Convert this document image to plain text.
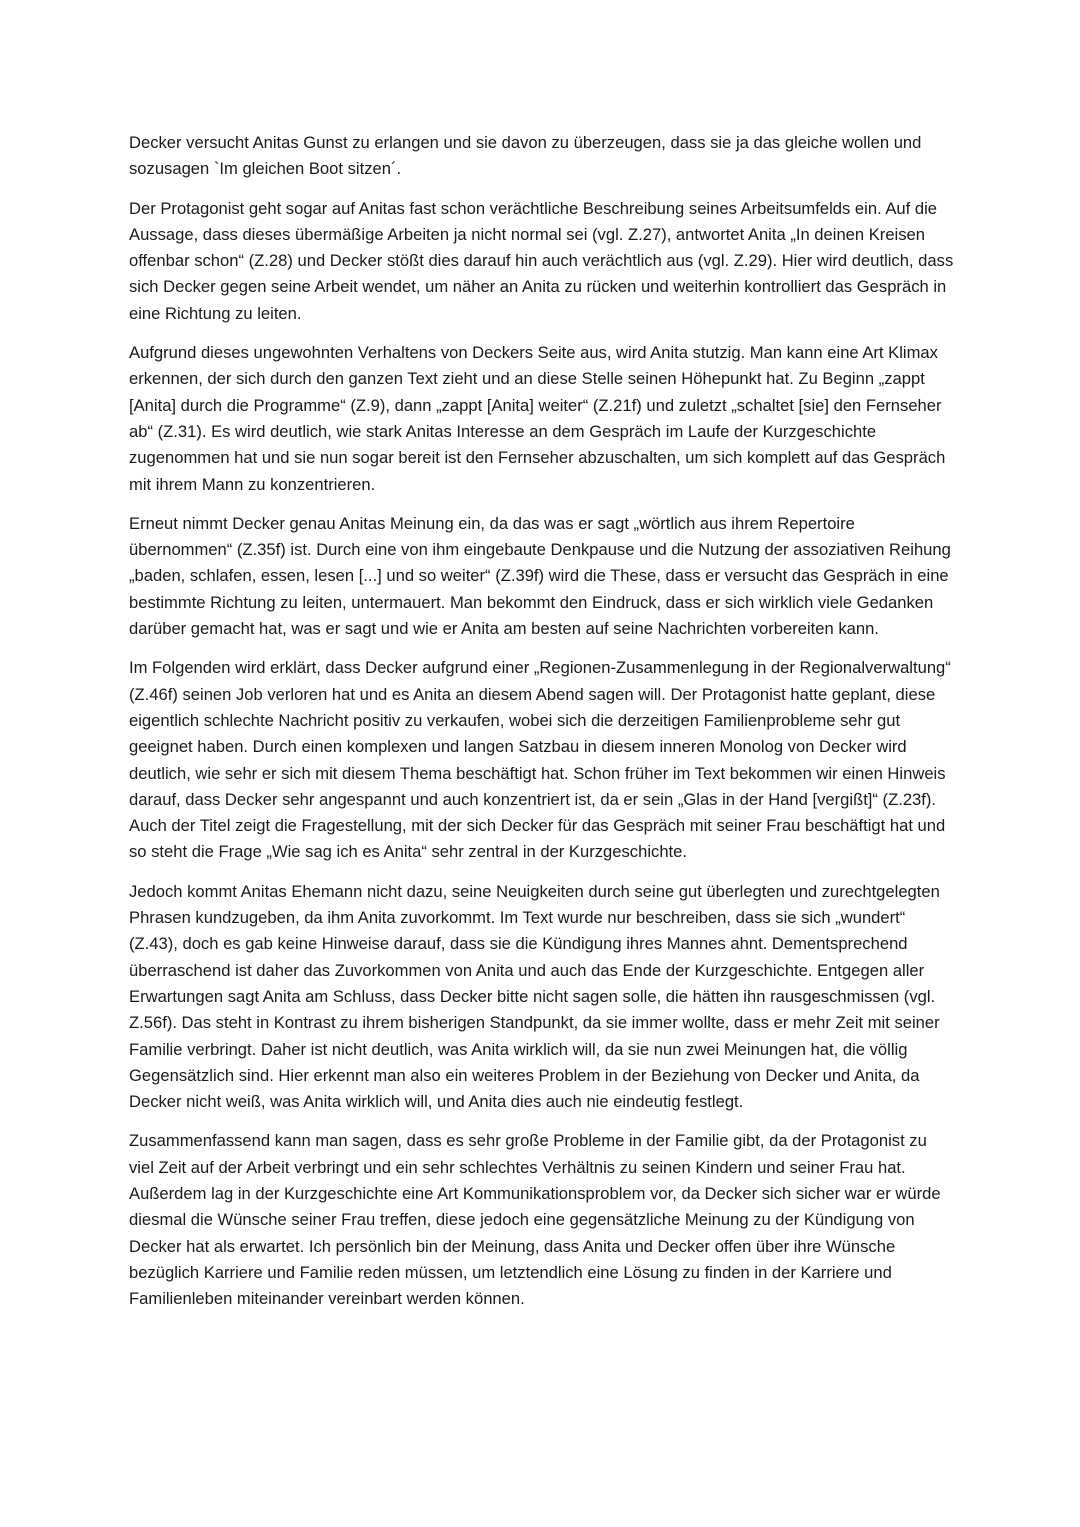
Decker versucht Anitas Gunst zu erlangen und sie davon zu überzeugen, dass sie ja das gleiche wollen und sozusagen `Im gleichen Boot sitzen´.

Der Protagonist geht sogar auf Anitas fast schon verächtliche Beschreibung seines Arbeitsumfelds ein. Auf die Aussage, dass dieses übermäßige Arbeiten ja nicht normal sei (vgl. Z.27), antwortet Anita „In deinen Kreisen offenbar schon“ (Z.28) und Decker stößt dies darauf hin auch verächtlich aus (vgl. Z.29). Hier wird deutlich, dass sich Decker gegen seine Arbeit wendet, um näher an Anita zu rücken und weiterhin kontrolliert das Gespräch in eine Richtung zu leiten.

Aufgrund dieses ungewohnten Verhaltens von Deckers Seite aus, wird Anita stutzig. Man kann eine Art Klimax erkennen, der sich durch den ganzen Text zieht und an diese Stelle seinen Höhepunkt hat. Zu Beginn „zappt [Anita] durch die Programme“ (Z.9), dann „zappt [Anita] weiter“ (Z.21f) und zuletzt „schaltet [sie] den Fernseher ab“ (Z.31). Es wird deutlich, wie stark Anitas Interesse an dem Gespräch im Laufe der Kurzgeschichte zugenommen hat und sie nun sogar bereit ist den Fernseher abzuschalten, um sich komplett auf das Gespräch mit ihrem Mann zu konzentrieren.

Erneut nimmt Decker genau Anitas Meinung ein, da das was er sagt „wörtlich aus ihrem Repertoire übernommen“ (Z.35f) ist. Durch eine von ihm eingebaute Denkpause und die Nutzung der assoziativen Reihung „baden, schlafen, essen, lesen [...] und so weiter“ (Z.39f) wird die These, dass er versucht das Gespräch in eine bestimmte Richtung zu leiten, untermauert. Man bekommt den Eindruck, dass er sich wirklich viele Gedanken darüber gemacht hat, was er sagt und wie er Anita am besten auf seine Nachrichten vorbereiten kann.

Im Folgenden wird erklärt, dass Decker aufgrund einer „Regionen-Zusammenlegung in der Regionalverwaltung“ (Z.46f) seinen Job verloren hat und es Anita an diesem Abend sagen will. Der Protagonist hatte geplant, diese eigentlich schlechte Nachricht positiv zu verkaufen, wobei sich die derzeitigen Familienprobleme sehr gut geeignet haben. Durch einen komplexen und langen Satzbau in diesem inneren Monolog von Decker wird deutlich, wie sehr er sich mit diesem Thema beschäftigt hat. Schon früher im Text bekommen wir einen Hinweis darauf, dass Decker sehr angespannt und auch konzentriert ist, da er sein „Glas in der Hand [vergißt]“ (Z.23f). Auch der Titel zeigt die Fragestellung, mit der sich Decker für das Gespräch mit seiner Frau beschäftigt hat und so steht die Frage „Wie sag ich es Anita“ sehr zentral in der Kurzgeschichte.

Jedoch kommt Anitas Ehemann nicht dazu, seine Neuigkeiten durch seine gut überlegten und zurechtgelegten Phrasen kundzugeben, da ihm Anita zuvorkommt. Im Text wurde nur beschreiben, dass sie sich „wundert“ (Z.43), doch es gab keine Hinweise darauf, dass sie die Kündigung ihres Mannes ahnt. Dementsprechend überraschend ist daher das Zuvorkommen von Anita und auch das Ende der Kurzgeschichte. Entgegen aller Erwartungen sagt Anita am Schluss, dass Decker bitte nicht sagen solle, die hätten ihn rausgeschmissen (vgl. Z.56f). Das steht in Kontrast zu ihrem bisherigen Standpunkt, da sie immer wollte, dass er mehr Zeit mit seiner Familie verbringt. Daher ist nicht deutlich, was Anita wirklich will, da sie nun zwei Meinungen hat, die völlig Gegensätzlich sind. Hier erkennt man also ein weiteres Problem in der Beziehung von Decker und Anita, da Decker nicht weiß, was Anita wirklich will, und Anita dies auch nie eindeutig festlegt.

Zusammenfassend kann man sagen, dass es sehr große Probleme in der Familie gibt, da der Protagonist zu viel Zeit auf der Arbeit verbringt und ein sehr schlechtes Verhältnis zu seinen Kindern und seiner Frau hat. Außerdem lag in der Kurzgeschichte eine Art Kommunikationsproblem vor, da Decker sich sicher war er würde diesmal die Wünsche seiner Frau treffen, diese jedoch eine gegensätzliche Meinung zu der Kündigung von Decker hat als erwartet. Ich persönlich bin der Meinung, dass Anita und Decker offen über ihre Wünsche bezüglich Karriere und Familie reden müssen, um letztendlich eine Lösung zu finden in der Karriere und Familienleben miteinander vereinbart werden können.
